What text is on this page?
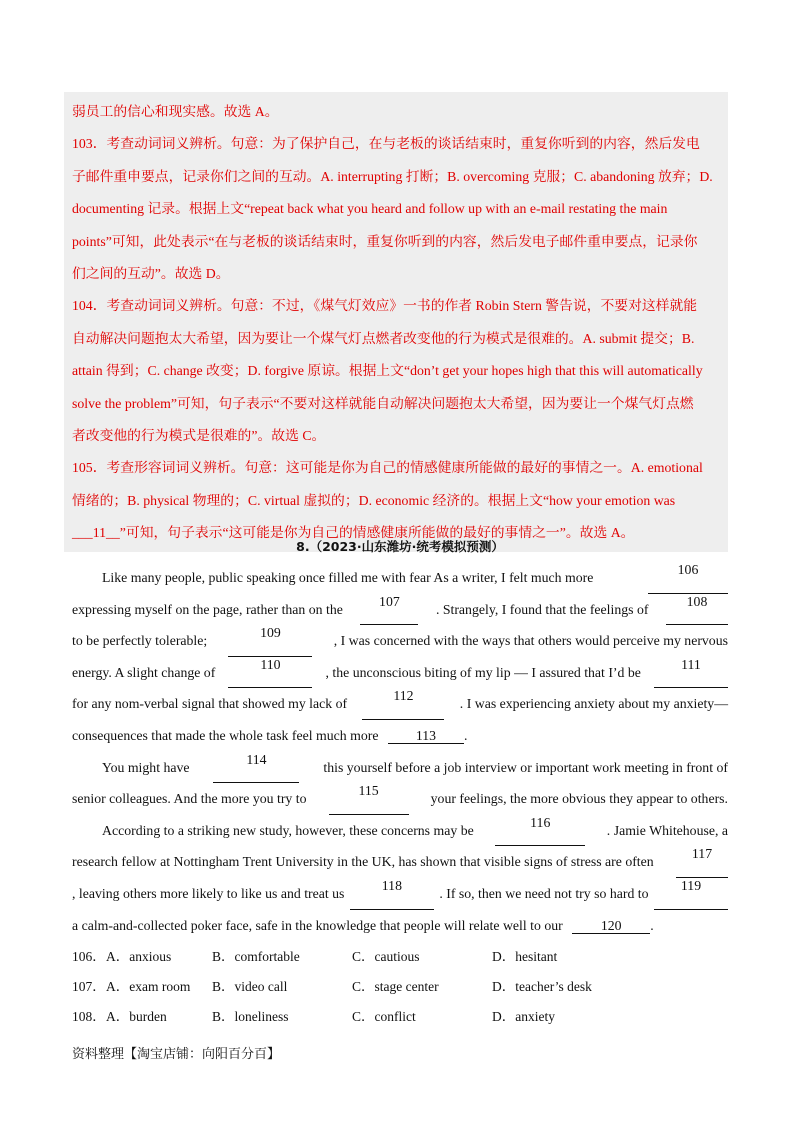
弱员工的信心和现实感。故选 A。
103．考查动词词义辨析。句意：为了保护自己，在与老板的谈话结束时，重复你听到的内容，然后发电
子邮件重申要点，记录你们之间的互动。A. interrupting 打断；B. overcoming 克服；C. abandoning 放弃；D.
documenting 记录。根据上文“repeat back what you heard and follow up with an e-mail restating the main
points”可知，此处表示“在与老板的谈话结束时，重复你听到的内容，然后发电子邮件重申要点，记录你
们之间的互动”。故选 D。
104．考查动词词义辨析。句意：不过，《煤气灯效应》一书的作者 Robin Stern 警告说，不要对这样就能
自动解决问题抱太大希望，因为要让一个煤气灯点燃者改变他的行为模式是很难的。A. submit 提交；B.
attain 得到；C. change 改变；D. forgive 原谅。根据上文“don’t get your hopes high that this will automatically
solve the problem”可知，句子表示“不要对这样就能自动解决问题抱太大希望，因为要让一个煤气灯点燃
者改变他的行为模式是很难的”。故选 C。
105．考查形容词词义辨析。句意：这可能是你为自己的情感健康所能做的最好的事情之一。A. emotional
情绪的；B. physical 物理的；C. virtual 虚拟的；D. economic 经济的。根据上文“how your emotion was
___11__”可知，句子表示“这可能是你为自己的情感健康所能做的最好的事情之一”。故选 A。
8.（2023·山东潍坊·统考模拟预测）
Like many people, public speaking once filled me with fear As a writer, I felt much more
106
expressing myself on the page, rather than on the
107
. Strangely, I found that the feelings of
108
to be perfectly tolerable;
109
, I was concerned with the ways that others would perceive my nervous
energy. A slight change of
110
, the unconscious biting of my lip — I assured that I’d be
111
for any nom-verbal signal that showed my lack of
112
. I was experiencing anxiety about my anxiety—
consequences that made the whole task feel much more	113 .
You might have
114
this yourself before a job interview or important work meeting in front of
senior colleagues. And the more you try to
115
your feelings, the more obvious they appear to others.
According to a striking new study, however, these concerns may be
116
. Jamie Whitehouse, a
research fellow at Nottingham Trent University in the UK, has shown that visible signs of stress are often
117
, leaving others more likely to like us and treat us
118
. If so, then we need not try so hard to
119
a calm-and-collected poker face, safe in the knowledge that people will relate well to our	120 .
106． A．anxious	B．comfortable	C．cautious	D．hesitant
107． A．exam room	B．video call	C．stage center	D．teacher’s desk
108． A．burden	B．loneliness	C．conflict	D．anxiety
资料整理【淘宝店铺：向阳百分百】
